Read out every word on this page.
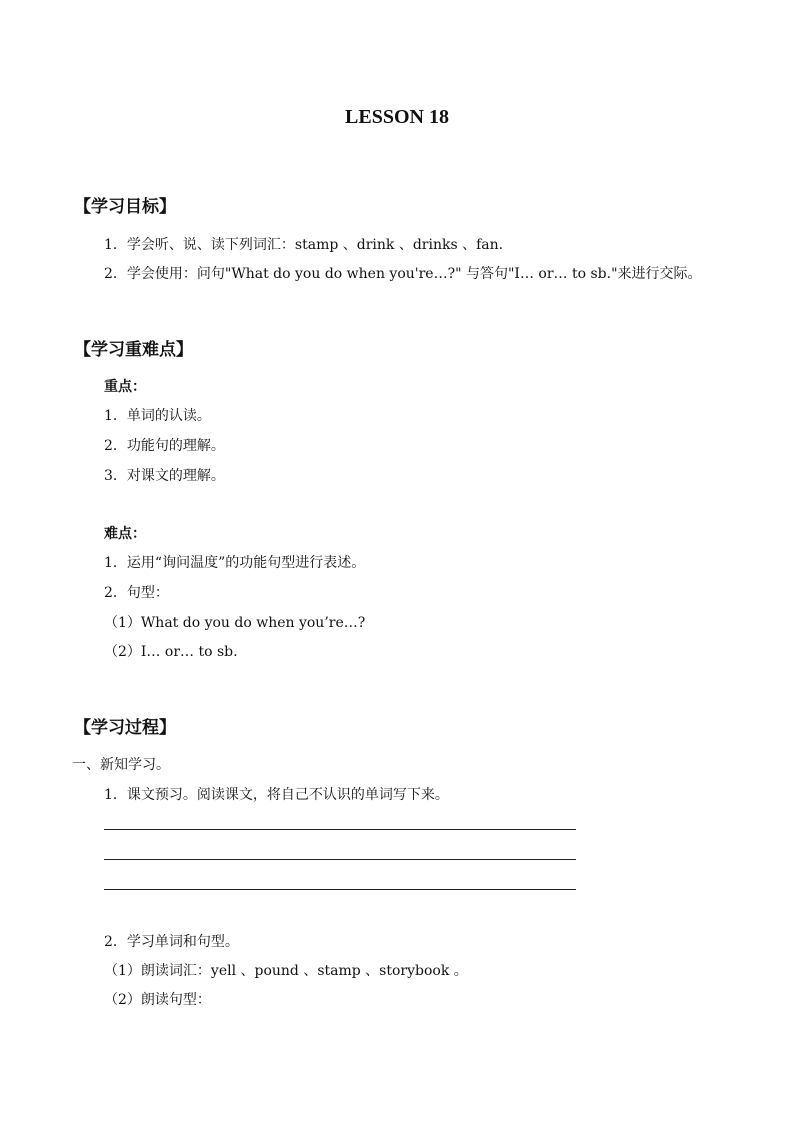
LESSON 18
【学习目标】
1．学会听、说、读下列词汇：stamp 、drink 、drinks 、fan.
2．学会使用：问句"What do you do when you're…?" 与答句"I… or… to sb."来进行交际。
【学习重难点】
重点：
1．单词的认读。
2．功能句的理解。
3．对课文的理解。
难点：
1．运用“询问温度”的功能句型进行表述。
2．句型：
（1）What do you do when you’re…?
（2）I… or… to sb.
【学习过程】
一、新知学习。
1．课文预习。阅读课文，将自己不认识的单词写下来。
2．学习单词和句型。
（1）朗读词汇：yell 、pound 、stamp 、storybook 。
（2）朗读句型：
